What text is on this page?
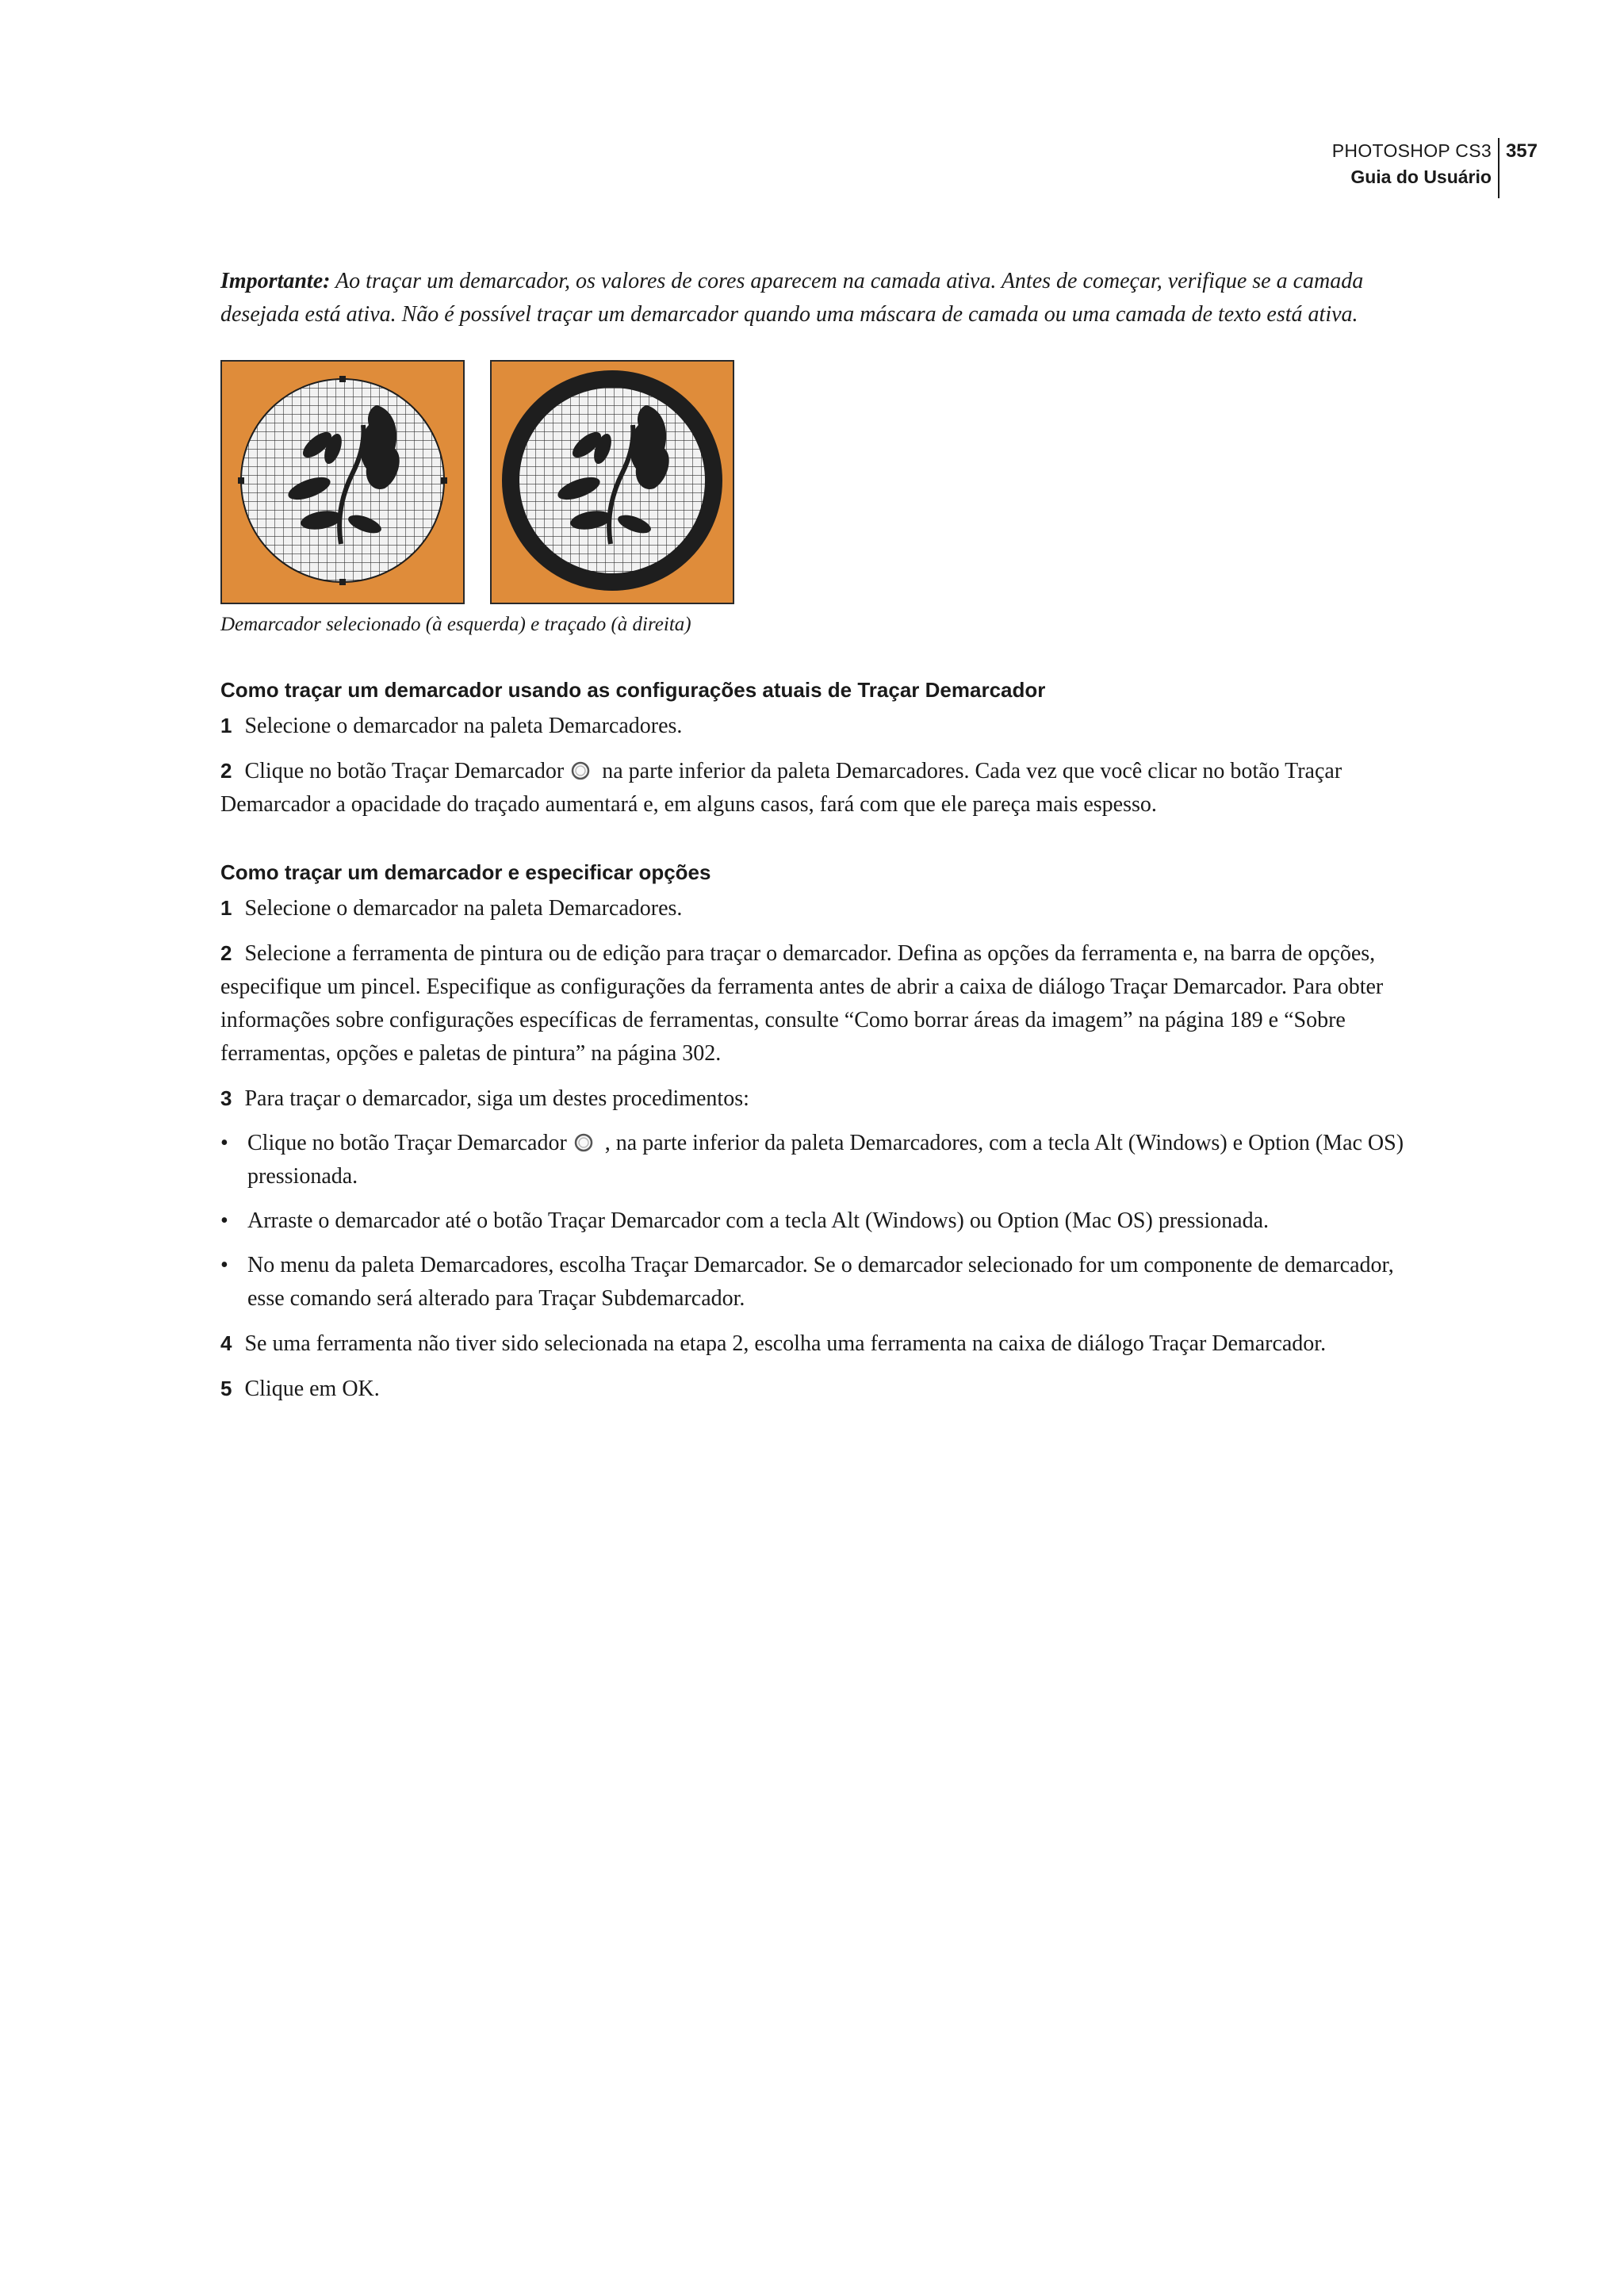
PHOTOSHOP CS3
Guia do Usuário
357

Importante: Ao traçar um demarcador, os valores de cores aparecem na camada ativa. Antes de começar, verifique se a camada desejada está ativa. Não é possível traçar um demarcador quando uma máscara de camada ou uma camada de texto está ativa.

Demarcador selecionado (à esquerda) e traçado (à direita)
Como traçar um demarcador usando as configurações atuais de Traçar Demarcador

1 Selecione o demarcador na paleta Demarcadores.

2 Clique no botão Traçar Demarcador na parte inferior da paleta Demarcadores. Cada vez que você clicar no botão Traçar Demarcador a opacidade do traçado aumentará e, em alguns casos, fará com que ele pareça mais espesso.

Como traçar um demarcador e especificar opções

1 Selecione o demarcador na paleta Demarcadores.

2 Selecione a ferramenta de pintura ou de edição para traçar o demarcador. Defina as opções da ferramenta e, na barra de opções, especifique um pincel. Especifique as configurações da ferramenta antes de abrir a caixa de diálogo Traçar Demarcador. Para obter informações sobre configurações específicas de ferramentas, consulte “Como borrar áreas da imagem” na página 189 e “Sobre ferramentas, opções e paletas de pintura” na página 302.

3 Para traçar o demarcador, siga um destes procedimentos:

• Clique no botão Traçar Demarcador , na parte inferior da paleta Demarcadores, com a tecla Alt (Windows) e Option (Mac OS) pressionada.

• Arraste o demarcador até o botão Traçar Demarcador com a tecla Alt (Windows) ou Option (Mac OS) pressionada.

• No menu da paleta Demarcadores, escolha Traçar Demarcador. Se o demarcador selecionado for um componente de demarcador, esse comando será alterado para Traçar Subdemarcador.

4 Se uma ferramenta não tiver sido selecionada na etapa 2, escolha uma ferramenta na caixa de diálogo Traçar Demarcador.

5 Clique em OK.
